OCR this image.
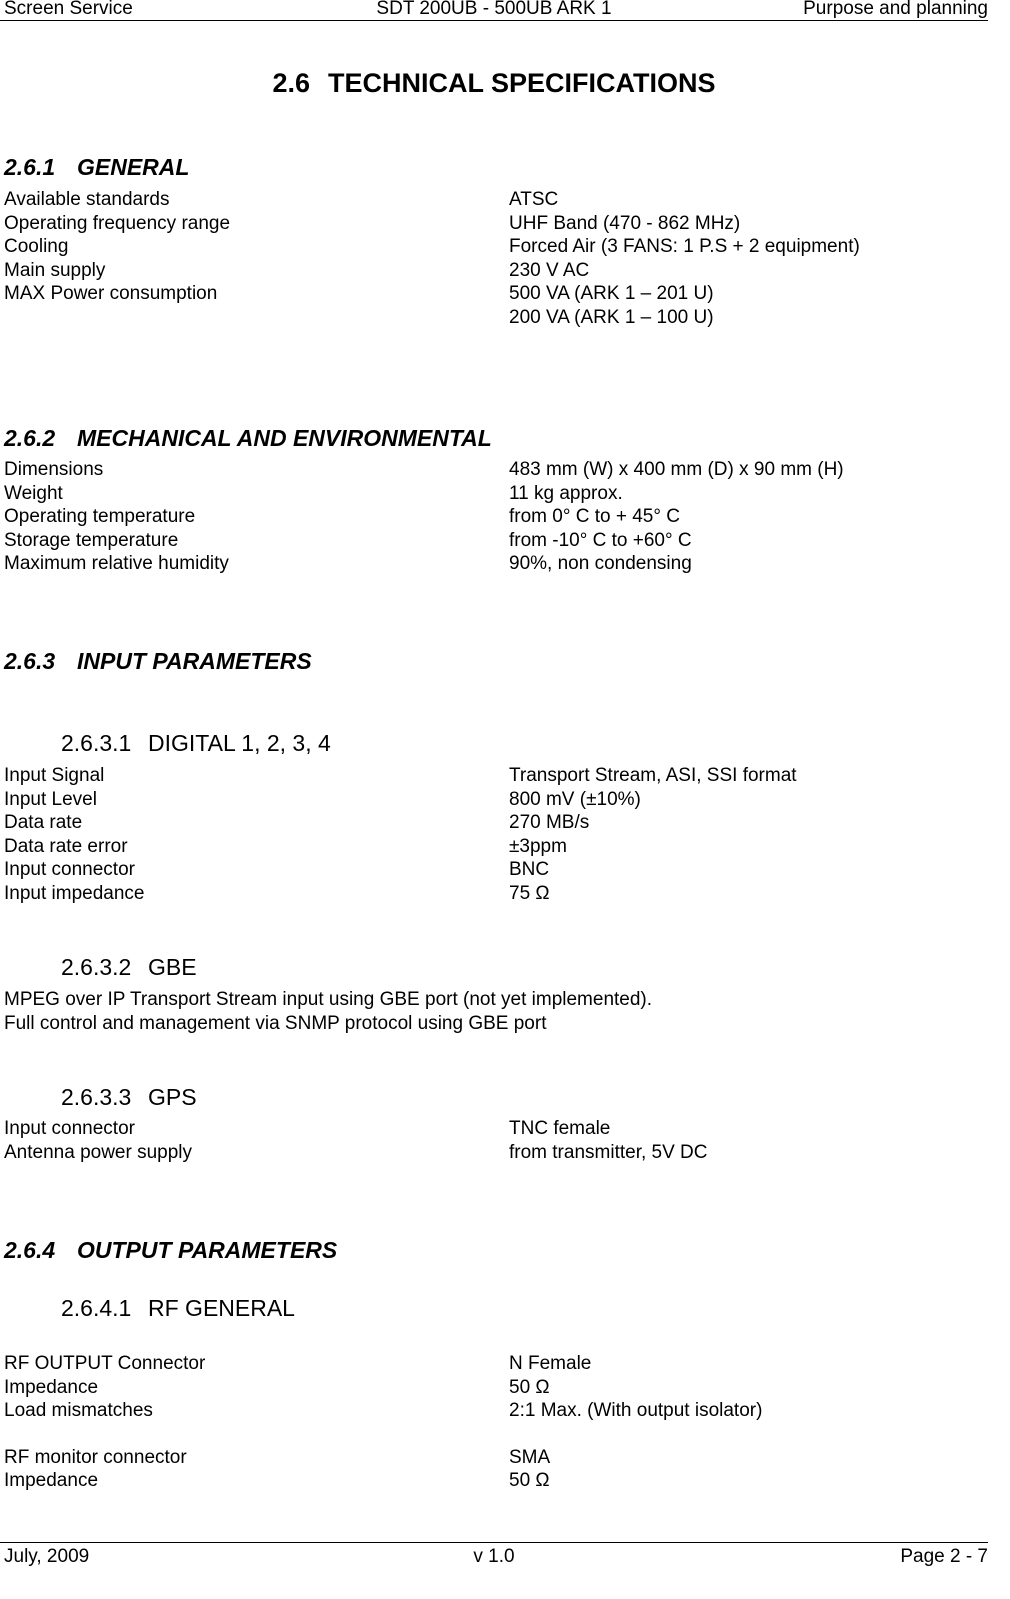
SDT 200UB - 500UB ARK 1
Screen Service	Purpose and planning
2.6 TECHNICAL SPECIFICATIONS
2.6.1 GENERAL
Available standards	ATSC
Operating frequency range	UHF Band (470 - 862 MHz)
Cooling	Forced Air (3 FANS: 1 P.S + 2 equipment)
Main supply	230 V AC
MAX Power consumption	500 VA (ARK 1 – 201 U)
200 VA (ARK 1 – 100 U)
2.6.2 MECHANICAL AND ENVIRONMENTAL
Dimensions	483 mm (W) x 400 mm (D) x 90 mm (H)
Weight	11 kg approx.
Operating temperature	from 0° C to + 45° C
Storage temperature	from -10° C to +60° C
Maximum relative humidity	90%, non condensing
2.6.3 INPUT PARAMETERS
2.6.3.1 DIGITAL 1, 2, 3, 4
Input Signal	Transport Stream, ASI, SSI format
Input Level	800 mV (±10%)
Data rate	270 MB/s
Data rate error	±3ppm
Input connector	BNC
Input impedance	75 Ω
2.6.3.2 GBE
MPEG over IP Transport Stream input using GBE port (not yet implemented).
Full control and management via SNMP protocol using GBE port
2.6.3.3 GPS
Input connector	TNC female
Antenna power supply	from transmitter, 5V DC
2.6.4 OUTPUT PARAMETERS
2.6.4.1 RF GENERAL
RF OUTPUT Connector	N Female
Impedance	50 Ω
Load mismatches	2:1 Max. (With output isolator)
RF monitor connector	SMA
Impedance	50 Ω
v 1.0
July, 2009	Page 2 - 7
